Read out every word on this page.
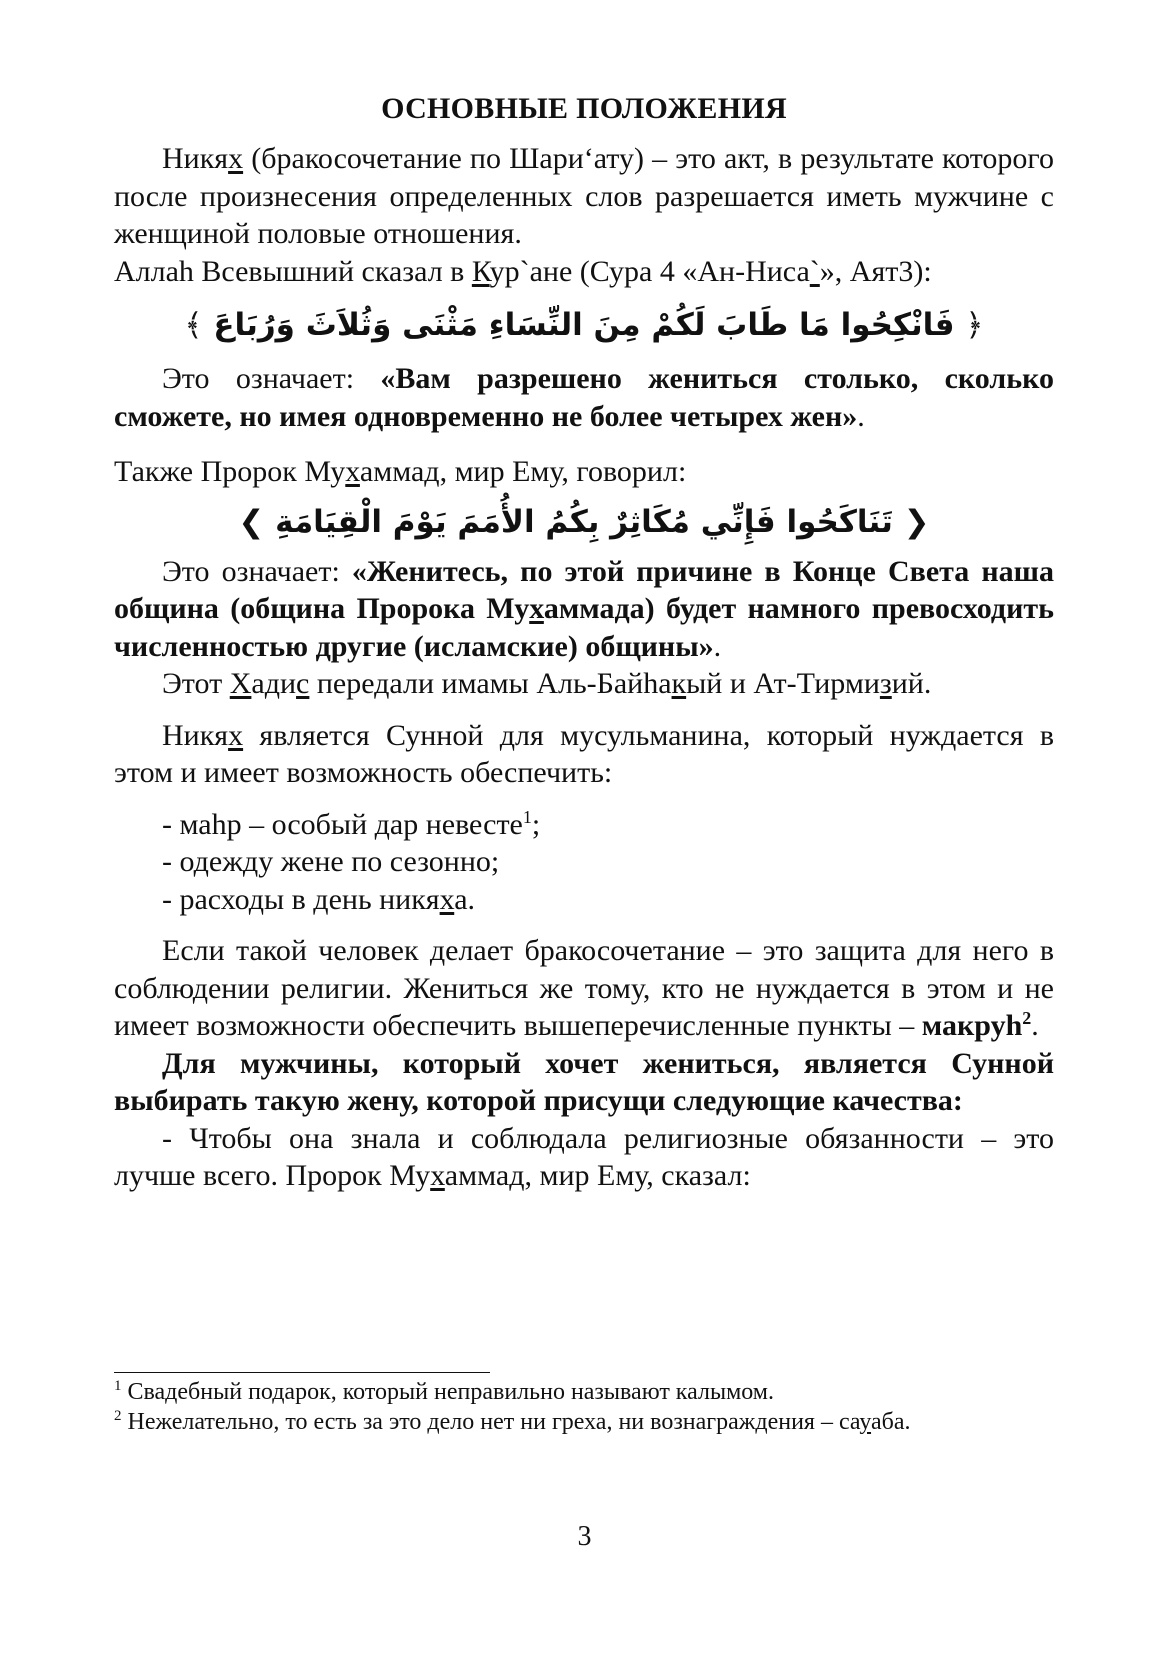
ОСНОВНЫЕ ПОЛОЖЕНИЯ

Никях (бракосочетание по Шари‘ату) – это акт, в результате которого после произнесения определенных слов разрешается иметь мужчине с женщиной половые отношения.

Аллаh Всевышний сказал в Кур`ане (Сура 4 «Ан-Ниса`», Аят3):

﴿ فَانْكِحُوا مَا طَابَ لَكُمْ مِنَ النِّسَاءِ مَثْنَى وَثُلاَثَ وَرُبَاعَ ﴾

Это означает: «Вам разрешено жениться столько, сколько сможете, но имея одновременно не более четырех жен».

Также Пророк Мухаммад, мир Ему, говорил:

❮ تَنَاكَحُوا فَإِنِّي مُكَاثِرٌ بِكُمُ الأُمَمَ يَوْمَ الْقِيَامَةِ ❯

Это означает: «Женитесь, по этой причине в Конце Света наша община (община Пророка Мухаммада) будет намного превосходить численностью другие (исламские) общины».

Этот Хадис передали имамы Аль-Байhакый и Ат-Тирмизий.

Никях является Сунной для мусульманина, который нуждается в этом и имеет возможность обеспечить:

- маhр – особый дар невесте$^1$;

- одежду жене по сезонно;

- расходы в день никяха.

Если такой человек делает бракосочетание – это защита для него в соблюдении религии. Жениться же тому, кто не нуждается в этом и не имеет возможности обеспечить вышеперечисленные пункты – макруh$^2$.

Для мужчины, который хочет жениться, является Сунной выбирать такую жену, которой присущи следующие качества:

- Чтобы она знала и соблюдала религиозные обязанности – это лучше всего. Пророк Мухаммад, мир Ему, сказал:

$^1$ Свадебный подарок, который неправильно называют калымом.
$^2$ Нежелательно, то есть за это дело нет ни греха, ни вознаграждения – сауаба.
3
